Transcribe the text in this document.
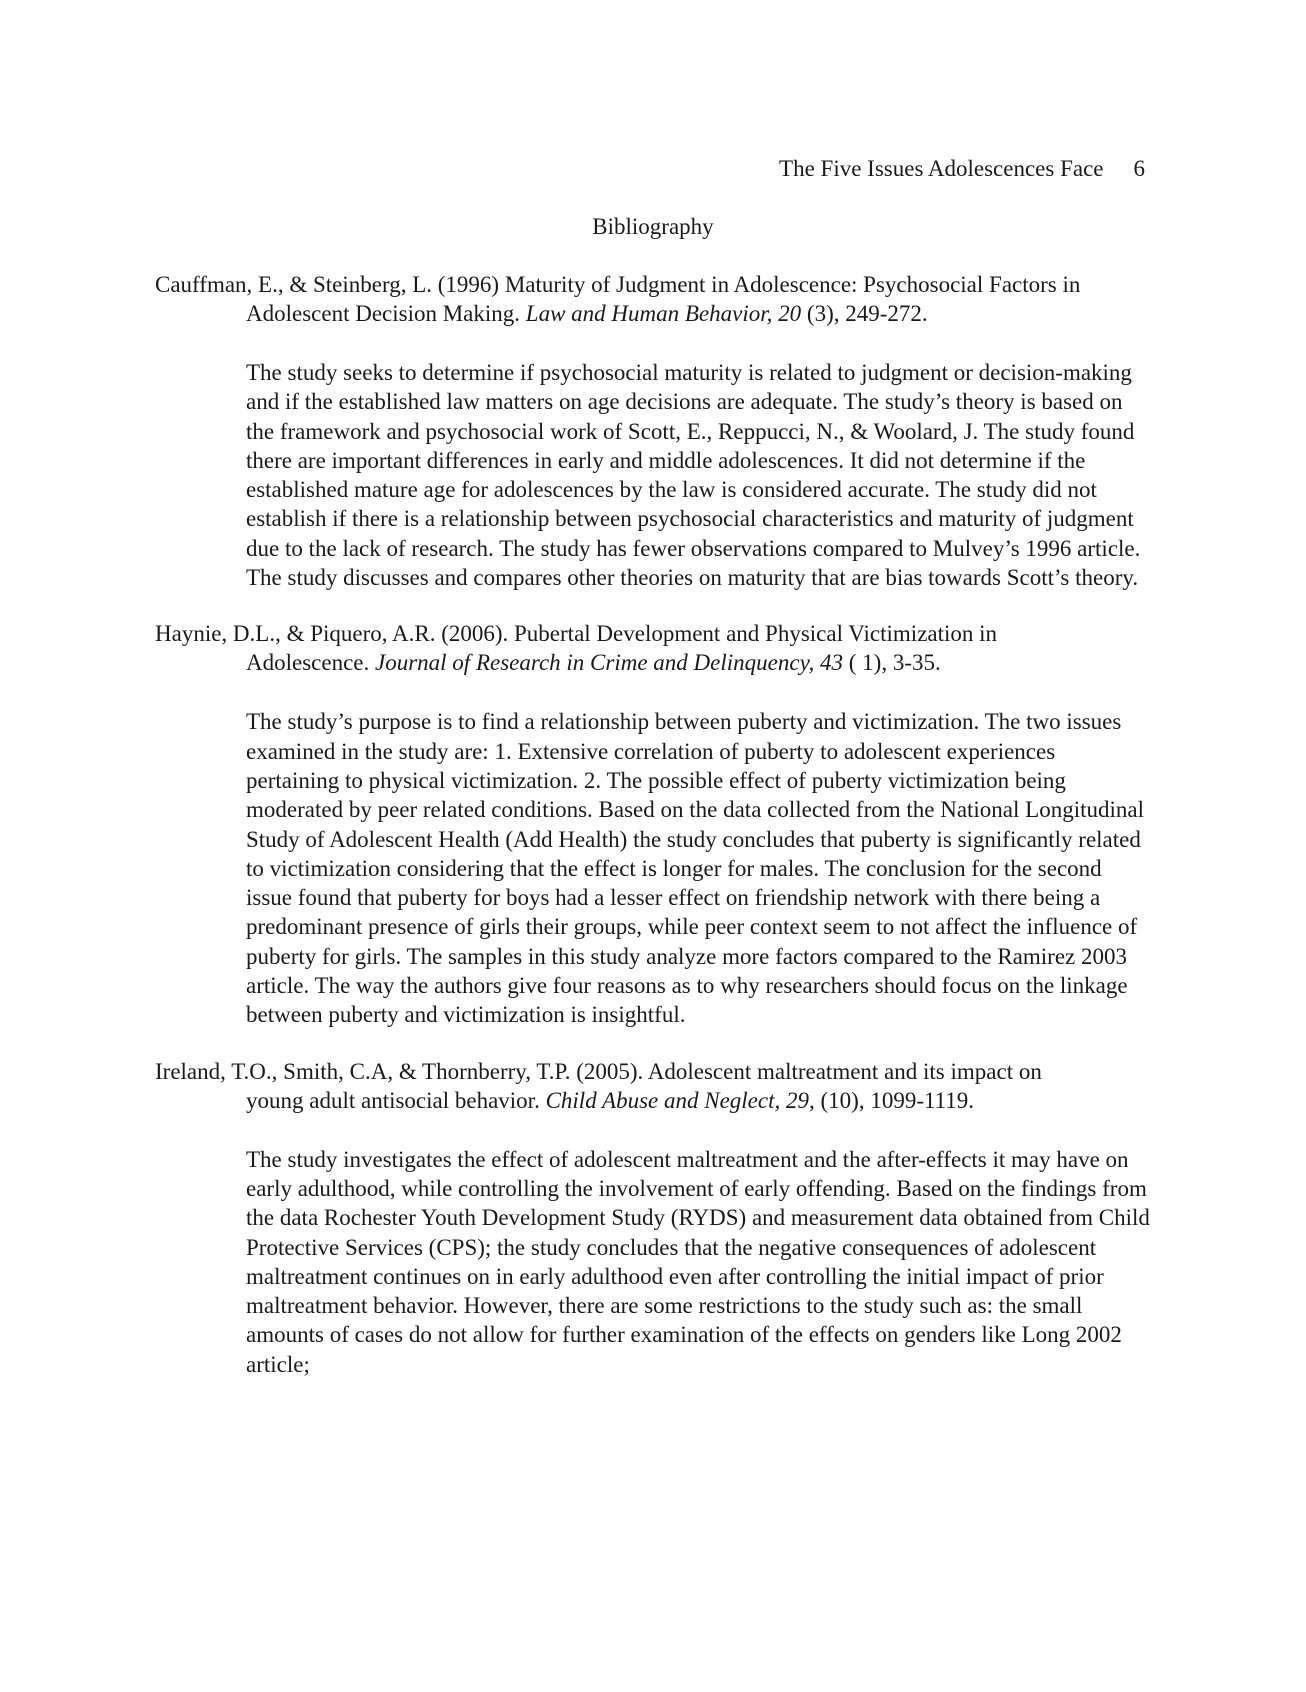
The Five Issues Adolescences Face 6
Bibliography
Cauffman, E., & Steinberg, L. (1996) Maturity of Judgment in Adolescence: Psychosocial Factors in Adolescent Decision Making. Law and Human Behavior, 20 (3), 249-272.
The study seeks to determine if psychosocial maturity is related to judgment or decision-making and if the established law matters on age decisions are adequate. The study’s theory is based on the framework and psychosocial work of Scott, E., Reppucci, N., & Woolard, J. The study found there are important differences in early and middle adolescences. It did not determine if the established mature age for adolescences by the law is considered accurate. The study did not establish if there is a relationship between psychosocial characteristics and maturity of judgment due to the lack of research. The study has fewer observations compared to Mulvey’s 1996 article. The study discusses and compares other theories on maturity that are bias towards Scott’s theory.
Haynie, D.L., & Piquero, A.R. (2006). Pubertal Development and Physical Victimization in Adolescence. Journal of Research in Crime and Delinquency, 43 ( 1), 3-35.
The study’s purpose is to find a relationship between puberty and victimization. The two issues examined in the study are: 1. Extensive correlation of puberty to adolescent experiences pertaining to physical victimization. 2. The possible effect of puberty victimization being moderated by peer related conditions. Based on the data collected from the National Longitudinal Study of Adolescent Health (Add Health) the study concludes that puberty is significantly related to victimization considering that the effect is longer for males. The conclusion for the second issue found that puberty for boys had a lesser effect on friendship network with there being a predominant presence of girls their groups, while peer context seem to not affect the influence of puberty for girls. The samples in this study analyze more factors compared to the Ramirez 2003 article. The way the authors give four reasons as to why researchers should focus on the linkage between puberty and victimization is insightful.
Ireland, T.O., Smith, C.A, & Thornberry, T.P. (2005). Adolescent maltreatment and its impact on young adult antisocial behavior. Child Abuse and Neglect, 29, (10), 1099-1119.
The study investigates the effect of adolescent maltreatment and the after-effects it may have on early adulthood, while controlling the involvement of early offending. Based on the findings from the data Rochester Youth Development Study (RYDS) and measurement data obtained from Child Protective Services (CPS); the study concludes that the negative consequences of adolescent maltreatment continues on in early adulthood even after controlling the initial impact of prior maltreatment behavior. However, there are some restrictions to the study such as: the small amounts of cases do not allow for further examination of the effects on genders like Long 2002 article;
